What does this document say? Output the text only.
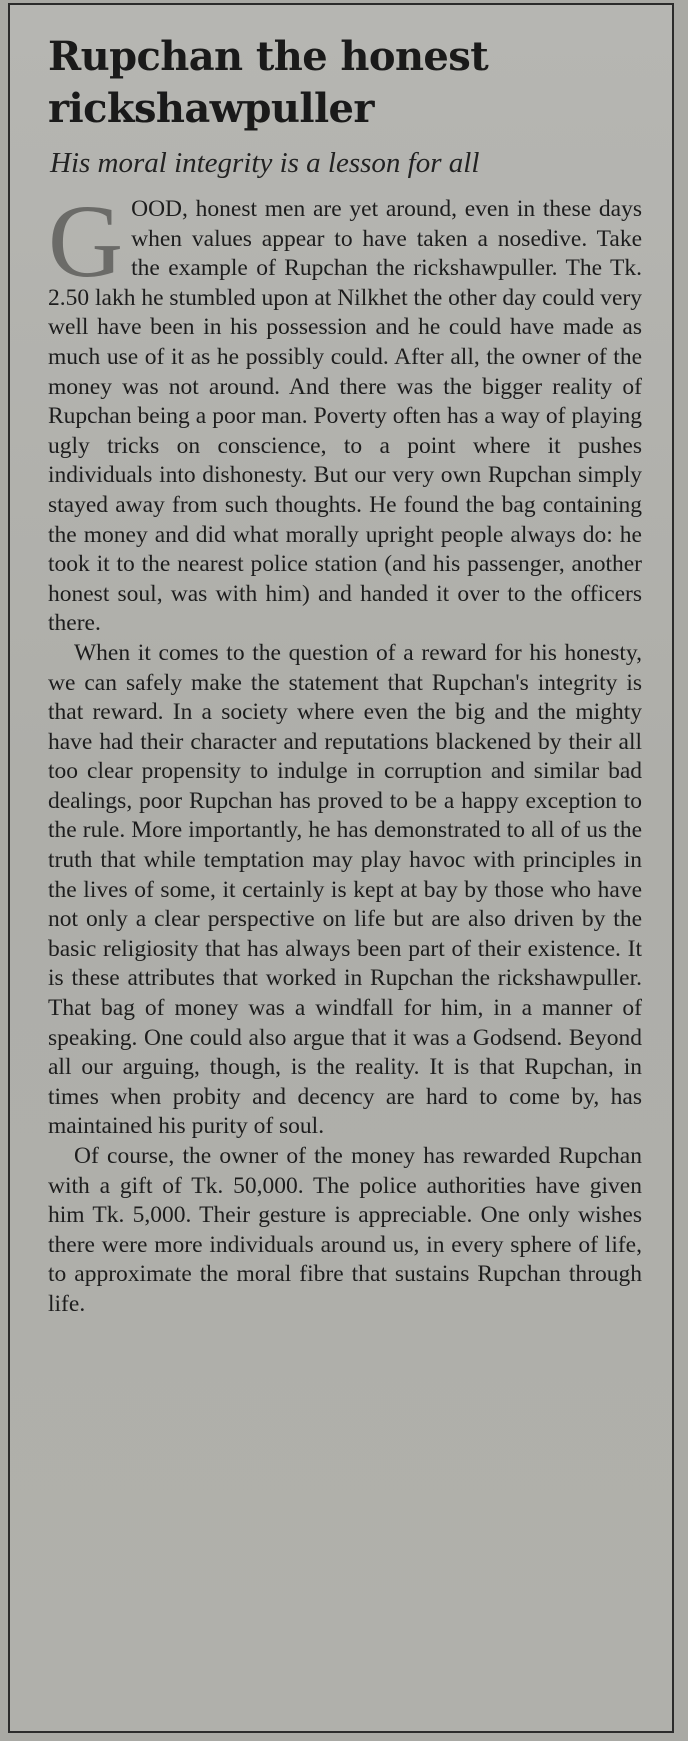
Rupchan the honest rickshawpuller
His moral integrity is a lesson for all

GOOD, honest men are yet around, even in these days when values appear to have taken a nosedive. Take the example of Rupchan the rickshawpuller. The Tk. 2.50 lakh he stumbled upon at Nilkhet the other day could very well have been in his possession and he could have made as much use of it as he possibly could. After all, the owner of the money was not around. And there was the bigger reality of Rupchan being a poor man. Poverty often has a way of playing ugly tricks on conscience, to a point where it pushes individuals into dishonesty. But our very own Rupchan simply stayed away from such thoughts. He found the bag containing the money and did what morally upright people always do: he took it to the nearest police station (and his passenger, another honest soul, was with him) and handed it over to the officers there.

When it comes to the question of a reward for his honesty, we can safely make the statement that Rupchan's integrity is that reward. In a society where even the big and the mighty have had their character and reputations blackened by their all too clear propensity to indulge in corruption and similar bad dealings, poor Rupchan has proved to be a happy exception to the rule. More importantly, he has demonstrated to all of us the truth that while temptation may play havoc with principles in the lives of some, it certainly is kept at bay by those who have not only a clear perspective on life but are also driven by the basic religiosity that has always been part of their existence. It is these attributes that worked in Rupchan the rickshawpuller. That bag of money was a windfall for him, in a manner of speaking. One could also argue that it was a Godsend. Beyond all our arguing, though, is the reality. It is that Rupchan, in times when probity and decency are hard to come by, has maintained his purity of soul.

Of course, the owner of the money has rewarded Rupchan with a gift of Tk. 50,000. The police authorities have given him Tk. 5,000. Their gesture is appreciable. One only wishes there were more individuals around us, in every sphere of life, to approximate the moral fibre that sustains Rupchan through life.
